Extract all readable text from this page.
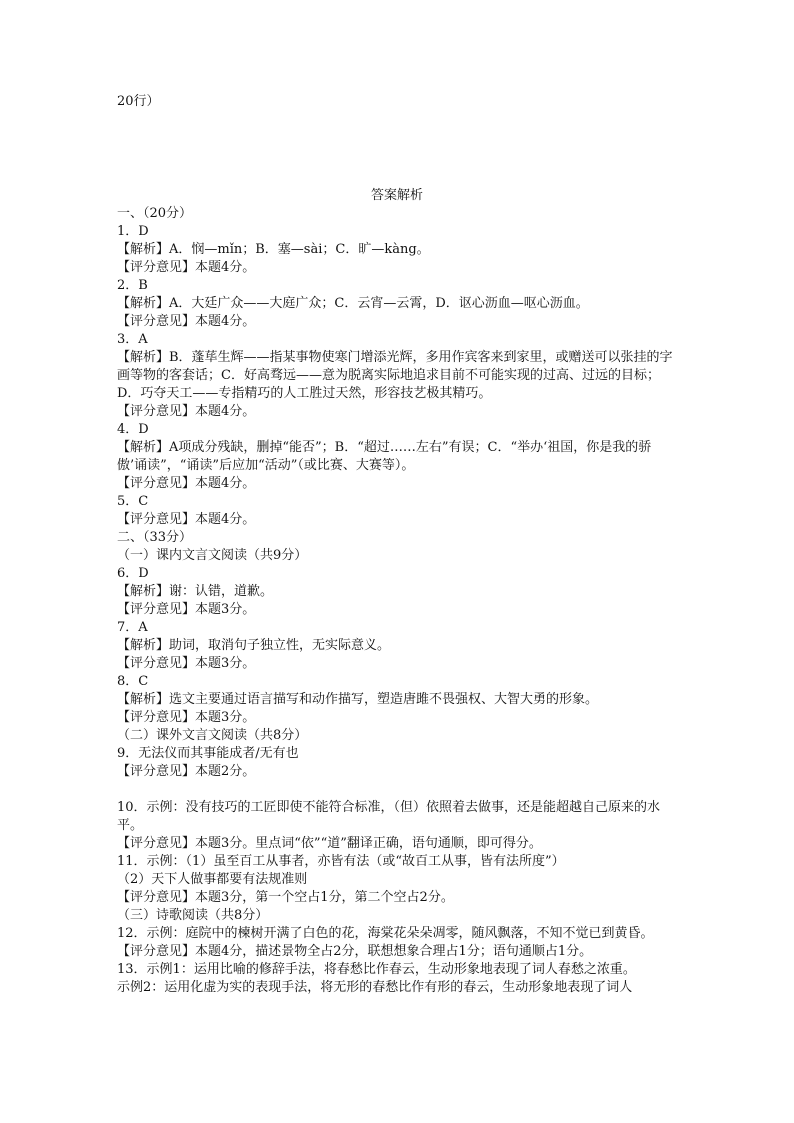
20行）
答案解析
一、（20分）
1．D
【解析】A．悯—mǐn；B．塞—sài；C．旷—kàng。
【评分意见】本题4分。
2．B
【解析】A．大廷广众——大庭广众；C．云宵—云霄，D．讴心沥血—呕心沥血。
【评分意见】本题4分。
3．A
【解析】B．蓬荜生辉——指某事物使寒门增添光辉，多用作宾客来到家里，或赠送可以张挂的字画等物的客套话；C．好高骛远——意为脱离实际地追求目前不可能实现的过高、过远的目标；D．巧夺天工——专指精巧的人工胜过天然，形容技艺极其精巧。
【评分意见】本题4分。
4．D
【解析】A项成分残缺，删掉“能否”；B．“超过……左右”有误；C．“举办‘祖国，你是我的骄傲’诵读”，“诵读”后应加“活动”（或比赛、大赛等）。
【评分意见】本题4分。
5．C
【评分意见】本题4分。
二、（33分）
（一）课内文言文阅读（共9分）
6．D
【解析】谢：认错，道歉。
【评分意见】本题3分。
7．A
【解析】助词，取消句子独立性，无实际意义。
【评分意见】本题3分。
8．C
【解析】选文主要通过语言描写和动作描写，塑造唐雎不畏强权、大智大勇的形象。
【评分意见】本题3分。
（二）课外文言文阅读（共8分）
9．无法仪而其事能成者/无有也
【评分意见】本题2分。
10．示例：没有技巧的工匠即使不能符合标准，（但）依照着去做事，还是能超越自己原来的水平。
【评分意见】本题3分。里点词“依”“道”翻译正确，语句通顺，即可得分。
11．示例：（1）虽至百工从事者，亦皆有法（或“故百工从事，皆有法所度”）
（2）天下人做事都要有法规准则
【评分意见】本题3分，第一个空占1分，第二个空占2分。
（三）诗歌阅读（共8分）
12．示例：庭院中的楝树开满了白色的花，海棠花朵朵凋零，随风飘落，不知不觉已到黄昏。
【评分意见】本题4分，描述景物全占2分，联想想象合理占1分；语句通顺占1分。
13．示例1：运用比喻的修辞手法，将春愁比作春云，生动形象地表现了词人春愁之浓重。
示例2：运用化虚为实的表现手法，将无形的春愁比作有形的春云，生动形象地表现了词人
